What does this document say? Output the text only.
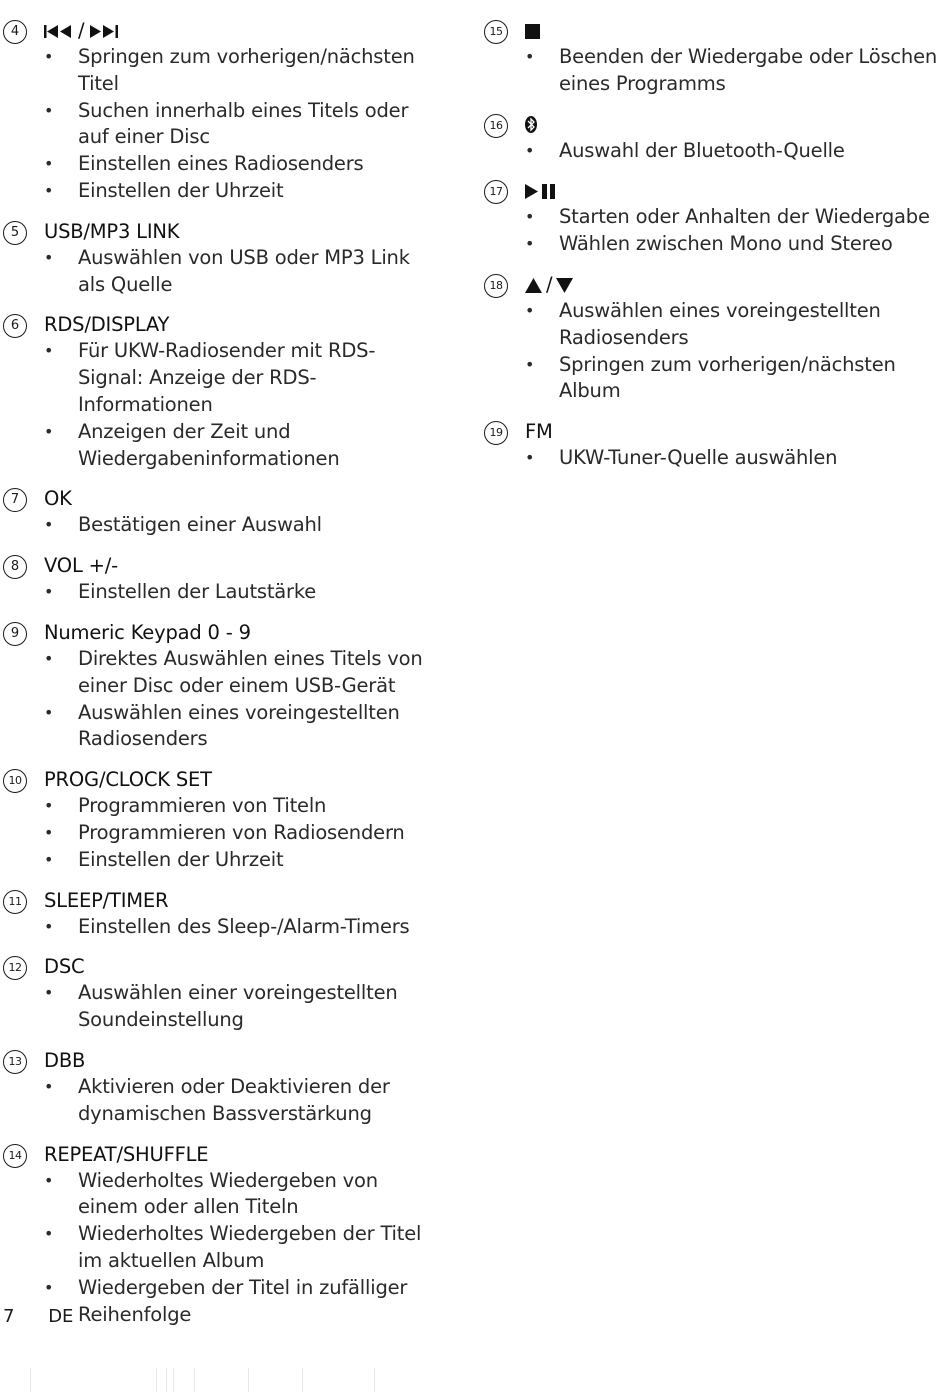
4	/
• Springen zum vorherigen/nächsten Titel
• Suchen innerhalb eines Titels oder auf einer Disc
• Einstellen eines Radiosenders
• Einstellen der Uhrzeit
5	USB/MP3 LINK
• Auswählen von USB oder MP3 Link als Quelle
6	RDS/DISPLAY
• Für UKW-Radiosender mit RDS-Signal: Anzeige der RDS-Informationen
• Anzeigen der Zeit und Wiedergabeninformationen
7	OK
• Bestätigen einer Auswahl
8	VOL +/-
• Einstellen der Lautstärke
9	Numeric Keypad 0 - 9
• Direktes Auswählen eines Titels von einer Disc oder einem USB-Gerät
• Auswählen eines voreingestellten Radiosenders
10 PROG/CLOCK SET
• Programmieren von Titeln
• Programmieren von Radiosendern
• Einstellen der Uhrzeit
11 SLEEP/TIMER
• Einstellen des Sleep-/Alarm-Timers
12 DSC
• Auswählen einer voreingestellten Soundeinstellung
13 DBB
• Aktivieren oder Deaktivieren der dynamischen Bassverstärkung
14 REPEAT/SHUFFLE
• Wiederholtes Wiedergeben von einem oder allen Titeln
• Wiederholtes Wiedergeben der Titel im aktuellen Album
• Wiedergeben der Titel in zufälliger Reihenfolge
15
• Beenden der Wiedergabe oder Löschen eines Programms
16
• Auswahl der Bluetooth-Quelle
17
• Starten oder Anhalten der Wiedergabe
• Wählen zwischen Mono und Stereo
18	/
• Auswählen eines voreingestellten Radiosenders
• Springen zum vorherigen/nächsten Album
19 FM
• UKW-Tuner-Quelle auswählen
7 DE
